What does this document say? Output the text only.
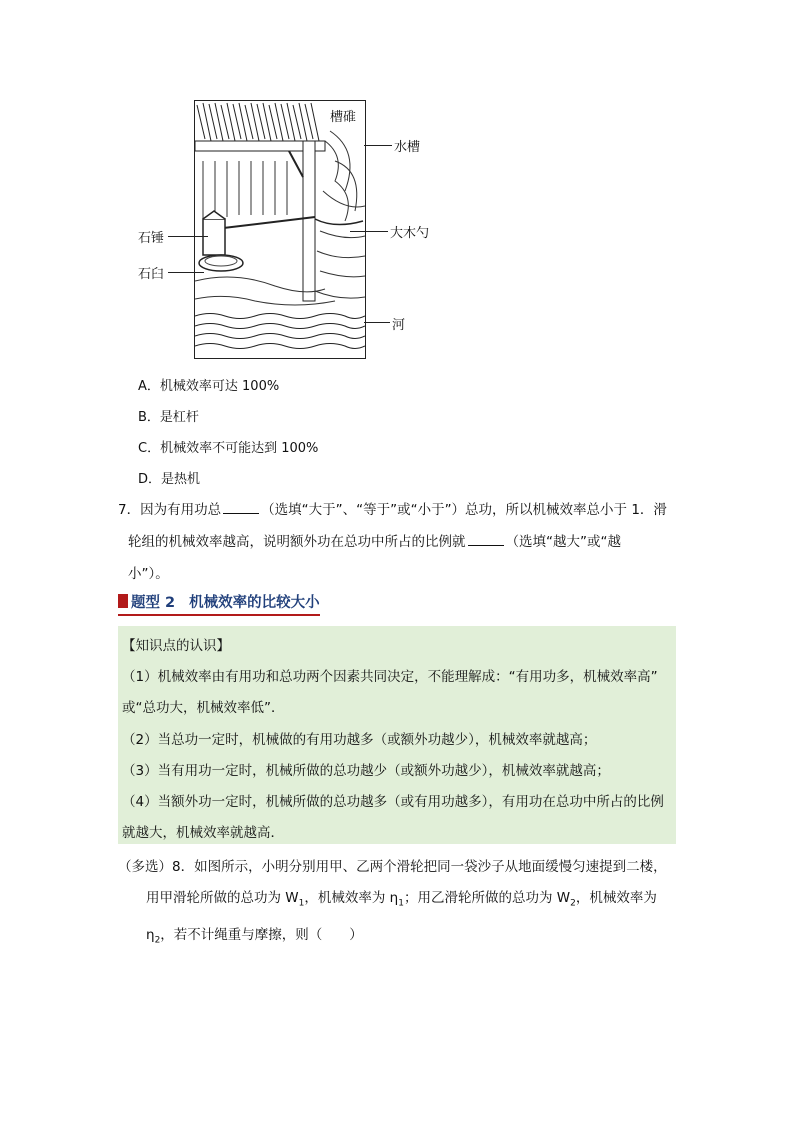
槽碓
水槽
大木勺
石锤
石臼
河
A．机械效率可达 100%
B．是杠杆
C．机械效率不可能达到 100%
D．是热机
7．因为有用功总	（选填“大于”、“等于”或“小于”）总功，所以机械效率总小于 1．滑
轮组的机械效率越高，说明额外功在总功中所占的比例就	（选填“越大”或“越
小”）。
题型 2 机械效率的比较大小
【知识点的认识】
（1）机械效率由有用功和总功两个因素共同决定，不能理解成：“有用功多，机械效率高”
或“总功大，机械效率低”．
（2）当总功一定时，机械做的有用功越多（或额外功越少），机械效率就越高；
（3）当有用功一定时，机械所做的总功越少（或额外功越少），机械效率就越高；
（4）当额外功一定时，机械所做的总功越多（或有用功越多），有用功在总功中所占的比例
就越大，机械效率就越高．
（多选）8．如图所示，小明分别用甲、乙两个滑轮把同一袋沙子从地面缓慢匀速提到二楼，
用甲滑轮所做的总功为 $W_1$，机械效率为 $\eta_1$；用乙滑轮所做的总功为 $W_2$，机械效率为
$\eta_2$，若不计绳重与摩擦，则（　　）
